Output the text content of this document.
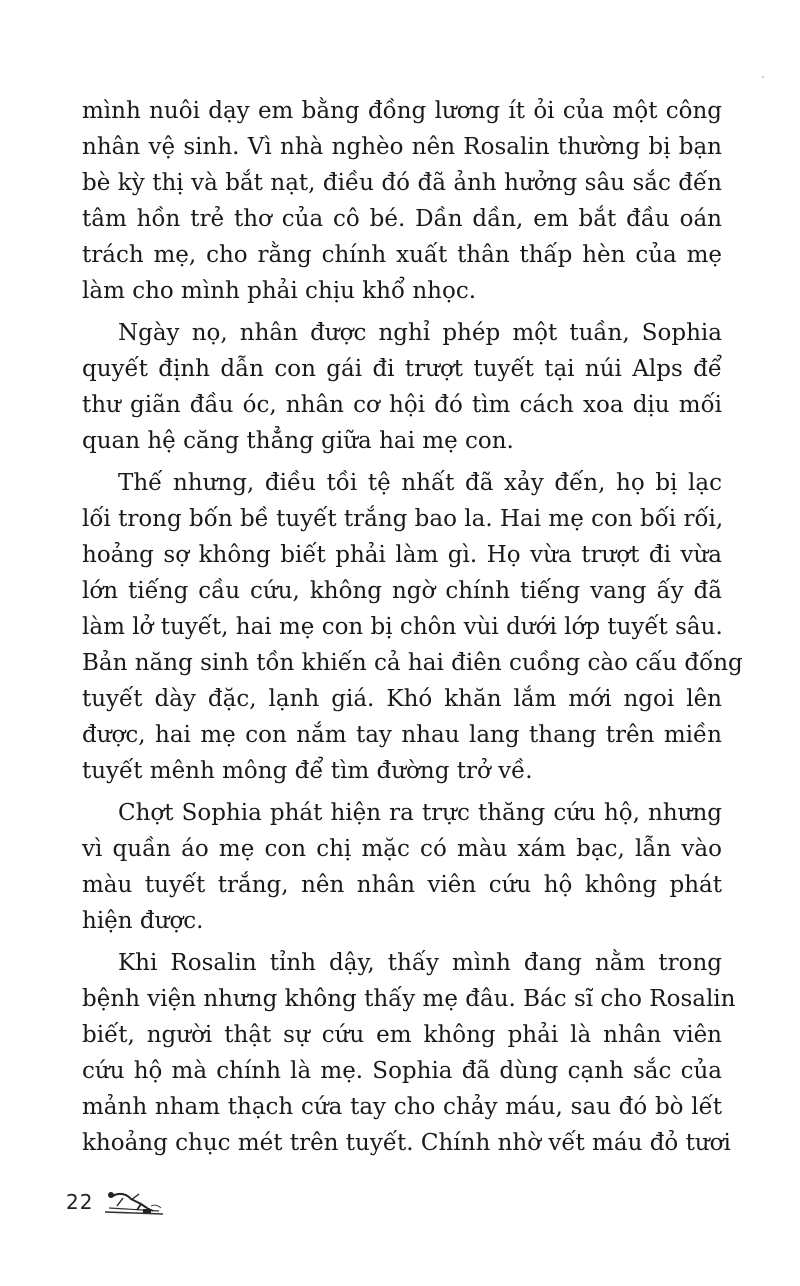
mình nuôi dạy em bằng đồng lương ít ỏi của một công
nhân vệ sinh. Vì nhà nghèo nên Rosalin thường bị bạn
bè kỳ thị và bắt nạt, điều đó đã ảnh hưởng sâu sắc đến
tâm hồn trẻ thơ của cô bé. Dần dần, em bắt đầu oán
trách mẹ, cho rằng chính xuất thân thấp hèn của mẹ
làm cho mình phải chịu khổ nhọc.
Ngày nọ, nhân được nghỉ phép một tuần, Sophia
quyết định dẫn con gái đi trượt tuyết tại núi Alps để
thư giãn đầu óc, nhân cơ hội đó tìm cách xoa dịu mối
quan hệ căng thẳng giữa hai mẹ con.
Thế nhưng, điều tồi tệ nhất đã xảy đến, họ bị lạc
lối trong bốn bề tuyết trắng bao la. Hai mẹ con bối rối,
hoảng sợ không biết phải làm gì. Họ vừa trượt đi vừa
lớn tiếng cầu cứu, không ngờ chính tiếng vang ấy đã
làm lở tuyết, hai mẹ con bị chôn vùi dưới lớp tuyết sâu.
Bản năng sinh tồn khiến cả hai điên cuồng cào cấu đống
tuyết dày đặc, lạnh giá. Khó khăn lắm mới ngoi lên
được, hai mẹ con nắm tay nhau lang thang trên miền
tuyết mênh mông để tìm đường trở về.
Chợt Sophia phát hiện ra trực thăng cứu hộ, nhưng
vì quần áo mẹ con chị mặc có màu xám bạc, lẫn vào
màu tuyết trắng, nên nhân viên cứu hộ không phát
hiện được.
Khi Rosalin tỉnh dậy, thấy mình đang nằm trong
bệnh viện nhưng không thấy mẹ đâu. Bác sĩ cho Rosalin
biết, người thật sự cứu em không phải là nhân viên
cứu hộ mà chính là mẹ. Sophia đã dùng cạnh sắc của
mảnh nham thạch cứa tay cho chảy máu, sau đó bò lết
khoảng chục mét trên tuyết. Chính nhờ vết máu đỏ tươi
22
